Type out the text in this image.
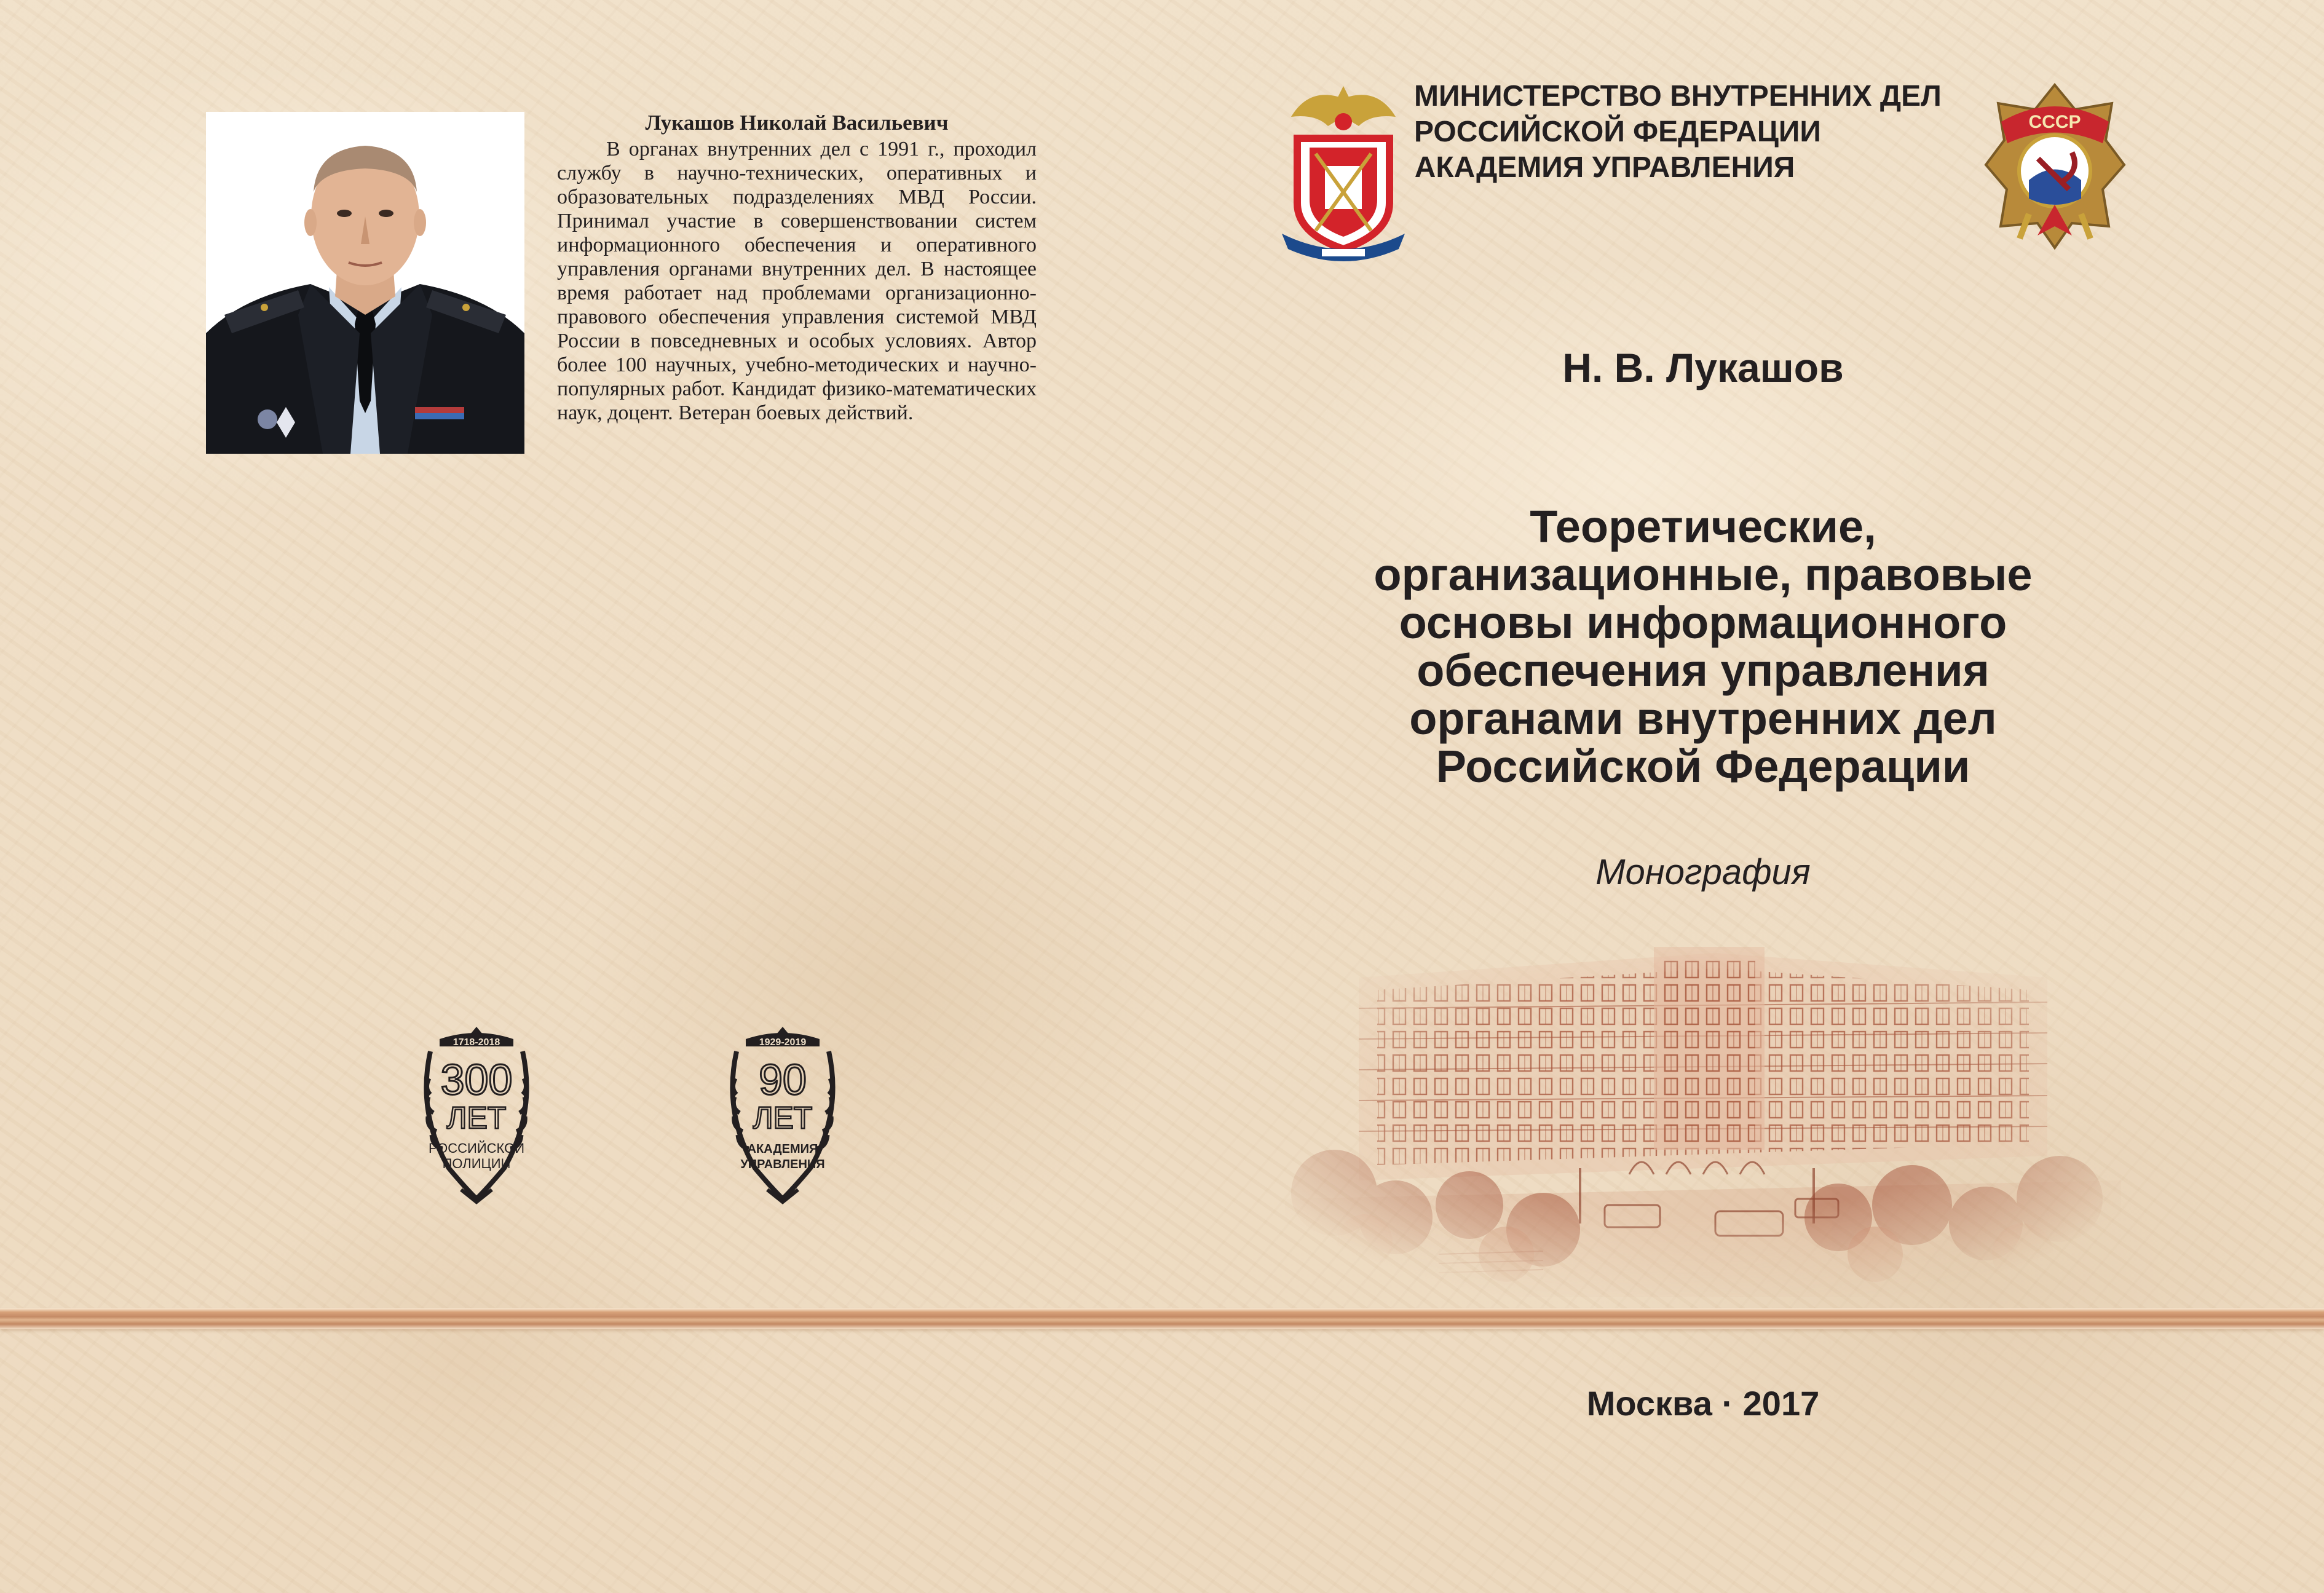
Лукашов Николай Васильевич

В органах внутренних дел с 1991 г., проходил службу в научно-технических, оперативных и образовательных подразделениях МВД России. Принимал участие в совершенствовании систем информационного обеспечения и оперативного управления органами внутренних дел. В настоящее время работает над проблемами организационно-правового обеспечения управления системой МВД России в повседневных и особых условиях. Автор более 100 научных, учебно-методических и научно-популярных работ. Кандидат физико-математических наук, доцент. Ветеран боевых действий.

1718-2018
300
ЛЕТ
РОССИЙСКОЙ
ПОЛИЦИИ
1929-2019
90
ЛЕТ
АКАДЕМИЯ
УПРАВЛЕНИЯ
МИНИСТЕРСТВО ВНУТРЕННИХ ДЕЛ
РОССИЙСКОЙ ФЕДЕРАЦИИ
АКАДЕМИЯ УПРАВЛЕНИЯ
СССР
Н. В. Лукашов
Теоретические,
организационные, правовые
основы информационного
обеспечения управления
органами внутренних дел
Российской Федерации
Монография
Москва · 2017
